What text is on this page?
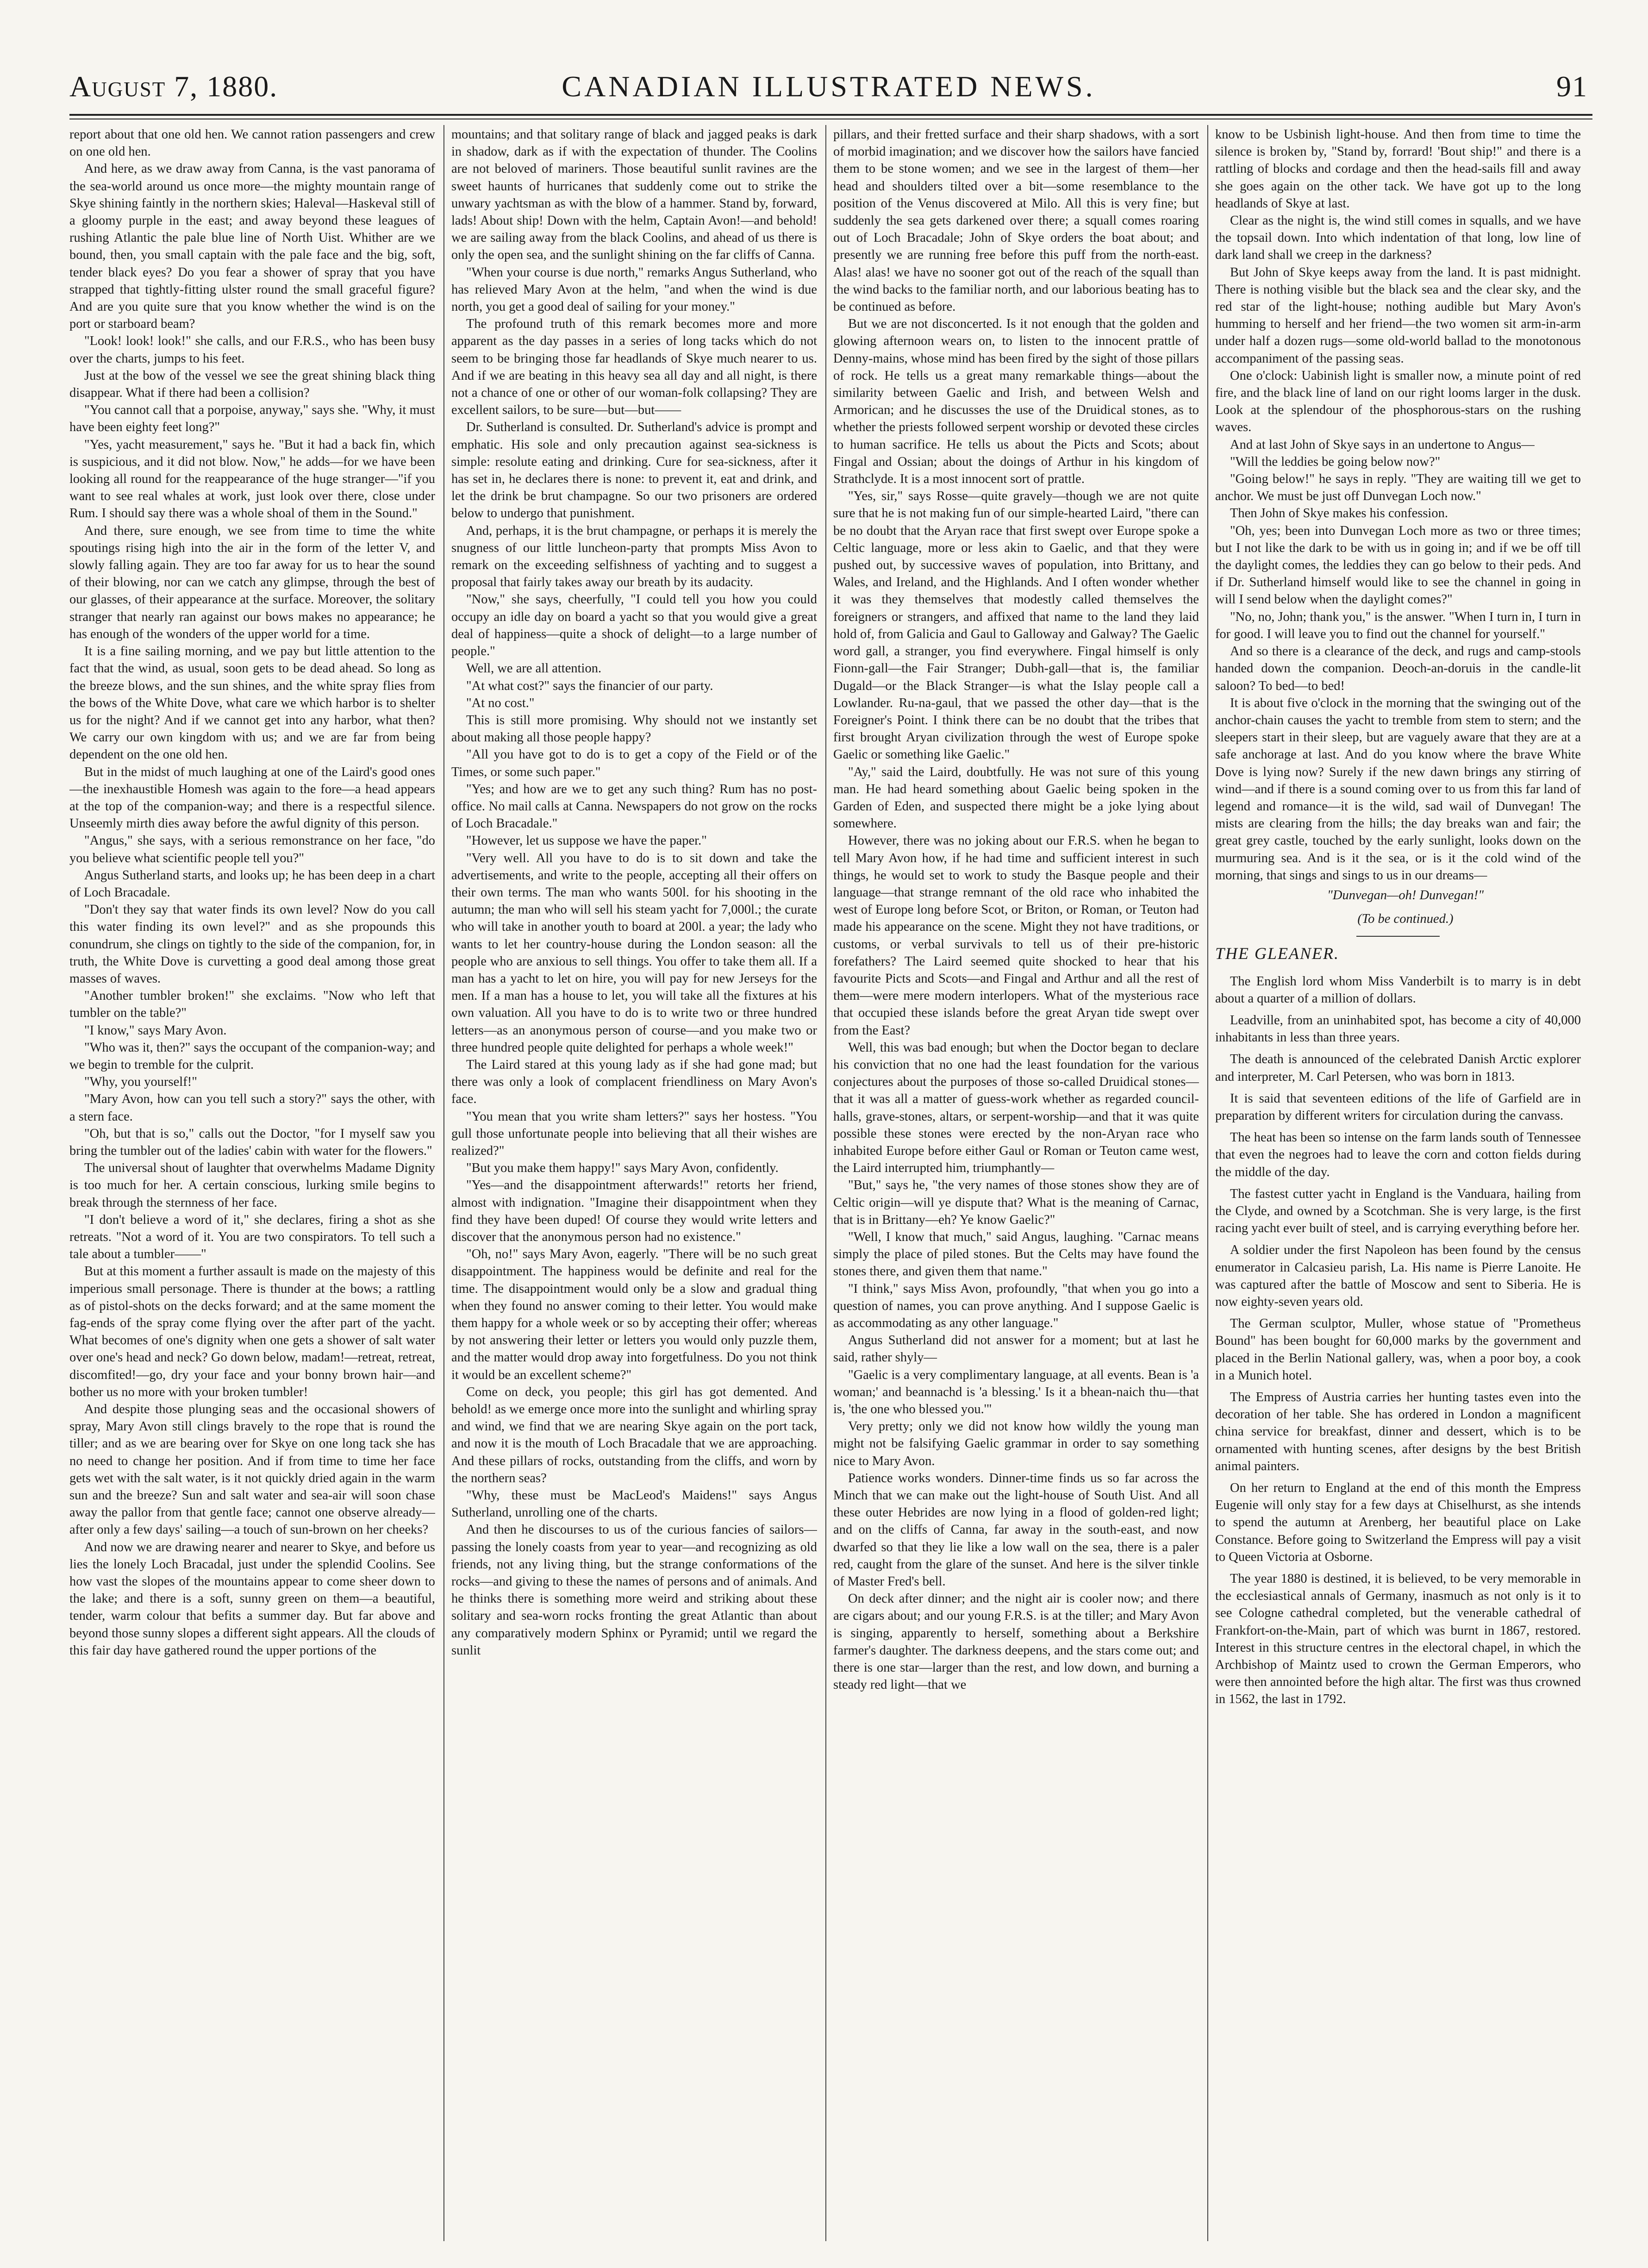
August 7, 1880.	CANADIAN ILLUSTRATED NEWS.	91

report about that one old hen. We cannot ration passengers and crew on one old hen.

And here, as we draw away from Canna, is the vast panorama of the sea-world around us once more—the mighty mountain range of Skye shining faintly in the northern skies; Haleval—Haskeval still of a gloomy purple in the east; and away beyond these leagues of rushing Atlantic the pale blue line of North Uist. Whither are we bound, then, you small captain with the pale face and the big, soft, tender black eyes? Do you fear a shower of spray that you have strapped that tightly-fitting ulster round the small graceful figure? And are you quite sure that you know whether the wind is on the port or starboard beam?

"Look! look! look!" she calls, and our F.R.S., who has been busy over the charts, jumps to his feet.

Just at the bow of the vessel we see the great shining black thing disappear. What if there had been a collision?

"You cannot call that a porpoise, anyway," says she. "Why, it must have been eighty feet long?"

"Yes, yacht measurement," says he. "But it had a back fin, which is suspicious, and it did not blow. Now," he adds—for we have been looking all round for the reappearance of the huge stranger—"if you want to see real whales at work, just look over there, close under Rum. I should say there was a whole shoal of them in the Sound."

And there, sure enough, we see from time to time the white spoutings rising high into the air in the form of the letter V, and slowly falling again. They are too far away for us to hear the sound of their blowing, nor can we catch any glimpse, through the best of our glasses, of their appearance at the surface. Moreover, the solitary stranger that nearly ran against our bows makes no appearance; he has enough of the wonders of the upper world for a time.

It is a fine sailing morning, and we pay but little attention to the fact that the wind, as usual, soon gets to be dead ahead. So long as the breeze blows, and the sun shines, and the white spray flies from the bows of the White Dove, what care we which harbor is to shelter us for the night? And if we cannot get into any harbor, what then? We carry our own kingdom with us; and we are far from being dependent on the one old hen.

But in the midst of much laughing at one of the Laird's good ones—the inexhaustible Homesh was again to the fore—a head appears at the top of the companion-way; and there is a respectful silence. Unseemly mirth dies away before the awful dignity of this person.

"Angus," she says, with a serious remonstrance on her face, "do you believe what scientific people tell you?"

Angus Sutherland starts, and looks up; he has been deep in a chart of Loch Bracadale.

"Don't they say that water finds its own level? Now do you call this water finding its own level?" and as she propounds this conundrum, she clings on tightly to the side of the companion, for, in truth, the White Dove is curvetting a good deal among those great masses of waves.

"Another tumbler broken!" she exclaims. "Now who left that tumbler on the table?"

"I know," says Mary Avon.

"Who was it, then?" says the occupant of the companion-way; and we begin to tremble for the culprit.

"Why, you yourself!"

"Mary Avon, how can you tell such a story?" says the other, with a stern face.

"Oh, but that is so," calls out the Doctor, "for I myself saw you bring the tumbler out of the ladies' cabin with water for the flowers."

The universal shout of laughter that overwhelms Madame Dignity is too much for her. A certain conscious, lurking smile begins to break through the sternness of her face.

"I don't believe a word of it," she declares, firing a shot as she retreats. "Not a word of it. You are two conspirators. To tell such a tale about a tumbler——"

But at this moment a further assault is made on the majesty of this imperious small personage. There is thunder at the bows; a rattling as of pistol-shots on the decks forward; and at the same moment the fag-ends of the spray come flying over the after part of the yacht. What becomes of one's dignity when one gets a shower of salt water over one's head and neck? Go down below, madam!—retreat, retreat, discomfited!—go, dry your face and your bonny brown hair—and bother us no more with your broken tumbler!

And despite those plunging seas and the occasional showers of spray, Mary Avon still clings bravely to the rope that is round the tiller; and as we are bearing over for Skye on one long tack she has no need to change her position. And if from time to time her face gets wet with the salt water, is it not quickly dried again in the warm sun and the breeze? Sun and salt water and sea-air will soon chase away the pallor from that gentle face; cannot one observe already—after only a few days' sailing—a touch of sun-brown on her cheeks?

And now we are drawing nearer and nearer to Skye, and before us lies the lonely Loch Bracadal, just under the splendid Coolins. See how vast the slopes of the mountains appear to come sheer down to the lake; and there is a soft, sunny green on them—a beautiful, tender, warm colour that befits a summer day. But far above and beyond those sunny slopes a different sight appears. All the clouds of this fair day have gathered round the upper portions of the

mountains; and that solitary range of black and jagged peaks is dark in shadow, dark as if with the expectation of thunder. The Coolins are not beloved of mariners. Those beautiful sunlit ravines are the sweet haunts of hurricanes that suddenly come out to strike the unwary yachtsman as with the blow of a hammer. Stand by, forward, lads! About ship! Down with the helm, Captain Avon!—and behold! we are sailing away from the black Coolins, and ahead of us there is only the open sea, and the sunlight shining on the far cliffs of Canna.

"When your course is due north," remarks Angus Sutherland, who has relieved Mary Avon at the helm, "and when the wind is due north, you get a good deal of sailing for your money."

The profound truth of this remark becomes more and more apparent as the day passes in a series of long tacks which do not seem to be bringing those far headlands of Skye much nearer to us. And if we are beating in this heavy sea all day and all night, is there not a chance of one or other of our woman-folk collapsing? They are excellent sailors, to be sure—but—but——

Dr. Sutherland is consulted. Dr. Sutherland's advice is prompt and emphatic. His sole and only precaution against sea-sickness is simple: resolute eating and drinking. Cure for sea-sickness, after it has set in, he declares there is none: to prevent it, eat and drink, and let the drink be brut champagne. So our two prisoners are ordered below to undergo that punishment.

And, perhaps, it is the brut champagne, or perhaps it is merely the snugness of our little luncheon-party that prompts Miss Avon to remark on the exceeding selfishness of yachting and to suggest a proposal that fairly takes away our breath by its audacity.

"Now," she says, cheerfully, "I could tell you how you could occupy an idle day on board a yacht so that you would give a great deal of happiness—quite a shock of delight—to a large number of people."

Well, we are all attention.

"At what cost?" says the financier of our party.

"At no cost."

This is still more promising. Why should not we instantly set about making all those people happy?

"All you have got to do is to get a copy of the Field or of the Times, or some such paper."

"Yes; and how are we to get any such thing? Rum has no post-office. No mail calls at Canna. Newspapers do not grow on the rocks of Loch Bracadale."

"However, let us suppose we have the paper."

"Very well. All you have to do is to sit down and take the advertisements, and write to the people, accepting all their offers on their own terms. The man who wants 500l. for his shooting in the autumn; the man who will sell his steam yacht for 7,000l.; the curate who will take in another youth to board at 200l. a year; the lady who wants to let her country-house during the London season: all the people who are anxious to sell things. You offer to take them all. If a man has a yacht to let on hire, you will pay for new Jerseys for the men. If a man has a house to let, you will take all the fixtures at his own valuation. All you have to do is to write two or three hundred letters—as an anonymous person of course—and you make two or three hundred people quite delighted for perhaps a whole week!"

The Laird stared at this young lady as if she had gone mad; but there was only a look of complacent friendliness on Mary Avon's face.

"You mean that you write sham letters?" says her hostess. "You gull those unfortunate people into believing that all their wishes are realized?"

"But you make them happy!" says Mary Avon, confidently.

"Yes—and the disappointment afterwards!" retorts her friend, almost with indignation. "Imagine their disappointment when they find they have been duped! Of course they would write letters and discover that the anonymous person had no existence."

"Oh, no!" says Mary Avon, eagerly. "There will be no such great disappointment. The happiness would be definite and real for the time. The disappointment would only be a slow and gradual thing when they found no answer coming to their letter. You would make them happy for a whole week or so by accepting their offer; whereas by not answering their letter or letters you would only puzzle them, and the matter would drop away into forgetfulness. Do you not think it would be an excellent scheme?"

Come on deck, you people; this girl has got demented. And behold! as we emerge once more into the sunlight and whirling spray and wind, we find that we are nearing Skye again on the port tack, and now it is the mouth of Loch Bracadale that we are approaching. And these pillars of rocks, outstanding from the cliffs, and worn by the northern seas?

"Why, these must be MacLeod's Maidens!" says Angus Sutherland, unrolling one of the charts.

And then he discourses to us of the curious fancies of sailors—passing the lonely coasts from year to year—and recognizing as old friends, not any living thing, but the strange conformations of the rocks—and giving to these the names of persons and of animals. And he thinks there is something more weird and striking about these solitary and sea-worn rocks fronting the great Atlantic than about any comparatively modern Sphinx or Pyramid; until we regard the sunlit

pillars, and their fretted surface and their sharp shadows, with a sort of morbid imagination; and we discover how the sailors have fancied them to be stone women; and we see in the largest of them—her head and shoulders tilted over a bit—some resemblance to the position of the Venus discovered at Milo. All this is very fine; but suddenly the sea gets darkened over there; a squall comes roaring out of Loch Bracadale; John of Skye orders the boat about; and presently we are running free before this puff from the north-east. Alas! alas! we have no sooner got out of the reach of the squall than the wind backs to the familiar north, and our laborious beating has to be continued as before.

But we are not disconcerted. Is it not enough that the golden and glowing afternoon wears on, to listen to the innocent prattle of Denny-mains, whose mind has been fired by the sight of those pillars of rock. He tells us a great many remarkable things—about the similarity between Gaelic and Irish, and between Welsh and Armorican; and he discusses the use of the Druidical stones, as to whether the priests followed serpent worship or devoted these circles to human sacrifice. He tells us about the Picts and Scots; about Fingal and Ossian; about the doings of Arthur in his kingdom of Strathclyde. It is a most innocent sort of prattle.

"Yes, sir," says Rosse—quite gravely—though we are not quite sure that he is not making fun of our simple-hearted Laird, "there can be no doubt that the Aryan race that first swept over Europe spoke a Celtic language, more or less akin to Gaelic, and that they were pushed out, by successive waves of population, into Brittany, and Wales, and Ireland, and the Highlands. And I often wonder whether it was they themselves that modestly called themselves the foreigners or strangers, and affixed that name to the land they laid hold of, from Galicia and Gaul to Galloway and Galway? The Gaelic word gall, a stranger, you find everywhere. Fingal himself is only Fionn-gall—the Fair Stranger; Dubh-gall—that is, the familiar Dugald—or the Black Stranger—is what the Islay people call a Lowlander. Ru-na-gaul, that we passed the other day—that is the Foreigner's Point. I think there can be no doubt that the tribes that first brought Aryan civilization through the west of Europe spoke Gaelic or something like Gaelic."

"Ay," said the Laird, doubtfully. He was not sure of this young man. He had heard something about Gaelic being spoken in the Garden of Eden, and suspected there might be a joke lying about somewhere.

However, there was no joking about our F.R.S. when he began to tell Mary Avon how, if he had time and sufficient interest in such things, he would set to work to study the Basque people and their language—that strange remnant of the old race who inhabited the west of Europe long before Scot, or Briton, or Roman, or Teuton had made his appearance on the scene. Might they not have traditions, or customs, or verbal survivals to tell us of their pre-historic forefathers? The Laird seemed quite shocked to hear that his favourite Picts and Scots—and Fingal and Arthur and all the rest of them—were mere modern interlopers. What of the mysterious race that occupied these islands before the great Aryan tide swept over from the East?

Well, this was bad enough; but when the Doctor began to declare his conviction that no one had the least foundation for the various conjectures about the purposes of those so-called Druidical stones—that it was all a matter of guess-work whether as regarded council-halls, grave-stones, altars, or serpent-worship—and that it was quite possible these stones were erected by the non-Aryan race who inhabited Europe before either Gaul or Roman or Teuton came west, the Laird interrupted him, triumphantly—

"But," says he, "the very names of those stones show they are of Celtic origin—will ye dispute that? What is the meaning of Carnac, that is in Brittany—eh? Ye know Gaelic?"

"Well, I know that much," said Angus, laughing. "Carnac means simply the place of piled stones. But the Celts may have found the stones there, and given them that name."

"I think," says Miss Avon, profoundly, "that when you go into a question of names, you can prove anything. And I suppose Gaelic is as accommodating as any other language."

Angus Sutherland did not answer for a moment; but at last he said, rather shyly—

"Gaelic is a very complimentary language, at all events. Bean is 'a woman;' and beannachd is 'a blessing.' Is it a bhean-naich thu—that is, 'the one who blessed you.'"

Very pretty; only we did not know how wildly the young man might not be falsifying Gaelic grammar in order to say something nice to Mary Avon.

Patience works wonders. Dinner-time finds us so far across the Minch that we can make out the light-house of South Uist. And all these outer Hebrides are now lying in a flood of golden-red light; and on the cliffs of Canna, far away in the south-east, and now dwarfed so that they lie like a low wall on the sea, there is a paler red, caught from the glare of the sunset. And here is the silver tinkle of Master Fred's bell.

On deck after dinner; and the night air is cooler now; and there are cigars about; and our young F.R.S. is at the tiller; and Mary Avon is singing, apparently to herself, something about a Berkshire farmer's daughter. The darkness deepens, and the stars come out; and there is one star—larger than the rest, and low down, and burning a steady red light—that we

know to be Usbinish light-house. And then from time to time the silence is broken by, "Stand by, forrard! 'Bout ship!" and there is a rattling of blocks and cordage and then the head-sails fill and away she goes again on the other tack. We have got up to the long headlands of Skye at last.

Clear as the night is, the wind still comes in squalls, and we have the topsail down. Into which indentation of that long, low line of dark land shall we creep in the darkness?

But John of Skye keeps away from the land. It is past midnight. There is nothing visible but the black sea and the clear sky, and the red star of the light-house; nothing audible but Mary Avon's humming to herself and her friend—the two women sit arm-in-arm under half a dozen rugs—some old-world ballad to the monotonous accompaniment of the passing seas.

One o'clock: Uabinish light is smaller now, a minute point of red fire, and the black line of land on our right looms larger in the dusk. Look at the splendour of the phosphorous-stars on the rushing waves.

And at last John of Skye says in an undertone to Angus—

"Will the leddies be going below now?"

"Going below!" he says in reply. "They are waiting till we get to anchor. We must be just off Dunvegan Loch now."

Then John of Skye makes his confession.

"Oh, yes; been into Dunvegan Loch more as two or three times; but I not like the dark to be with us in going in; and if we be off till the daylight comes, the leddies they can go below to their peds. And if Dr. Sutherland himself would like to see the channel in going in will I send below when the daylight comes?"

"No, no, John; thank you," is the answer. "When I turn in, I turn in for good. I will leave you to find out the channel for yourself."

And so there is a clearance of the deck, and rugs and camp-stools handed down the companion. Deoch-an-doruis in the candle-lit saloon? To bed—to bed!

It is about five o'clock in the morning that the swinging out of the anchor-chain causes the yacht to tremble from stem to stern; and the sleepers start in their sleep, but are vaguely aware that they are at a safe anchorage at last. And do you know where the brave White Dove is lying now? Surely if the new dawn brings any stirring of wind—and if there is a sound coming over to us from this far land of legend and romance—it is the wild, sad wail of Dunvegan! The mists are clearing from the hills; the day breaks wan and fair; the great grey castle, touched by the early sunlight, looks down on the murmuring sea. And is it the sea, or is it the cold wind of the morning, that sings and sings to us in our dreams—

"Dunvegan—oh! Dunvegan!"

(To be continued.)

THE GLEANER.

The English lord whom Miss Vanderbilt is to marry is in debt about a quarter of a million of dollars.

Leadville, from an uninhabited spot, has become a city of 40,000 inhabitants in less than three years.

The death is announced of the celebrated Danish Arctic explorer and interpreter, M. Carl Petersen, who was born in 1813.

It is said that seventeen editions of the life of Garfield are in preparation by different writers for circulation during the canvass.

The heat has been so intense on the farm lands south of Tennessee that even the negroes had to leave the corn and cotton fields during the middle of the day.

The fastest cutter yacht in England is the Vanduara, hailing from the Clyde, and owned by a Scotchman. She is very large, is the first racing yacht ever built of steel, and is carrying everything before her.

A soldier under the first Napoleon has been found by the census enumerator in Calcasieu parish, La. His name is Pierre Lanoite. He was captured after the battle of Moscow and sent to Siberia. He is now eighty-seven years old.

The German sculptor, Muller, whose statue of "Prometheus Bound" has been bought for 60,000 marks by the government and placed in the Berlin National gallery, was, when a poor boy, a cook in a Munich hotel.

The Empress of Austria carries her hunting tastes even into the decoration of her table. She has ordered in London a magnificent china service for breakfast, dinner and dessert, which is to be ornamented with hunting scenes, after designs by the best British animal painters.

On her return to England at the end of this month the Empress Eugenie will only stay for a few days at Chiselhurst, as she intends to spend the autumn at Arenberg, her beautiful place on Lake Constance. Before going to Switzerland the Empress will pay a visit to Queen Victoria at Osborne.

The year 1880 is destined, it is believed, to be very memorable in the ecclesiastical annals of Germany, inasmuch as not only is it to see Cologne cathedral completed, but the venerable cathedral of Frankfort-on-the-Main, part of which was burnt in 1867, restored. Interest in this structure centres in the electoral chapel, in which the Archbishop of Maintz used to crown the German Emperors, who were then annointed before the high altar. The first was thus crowned in 1562, the last in 1792.
